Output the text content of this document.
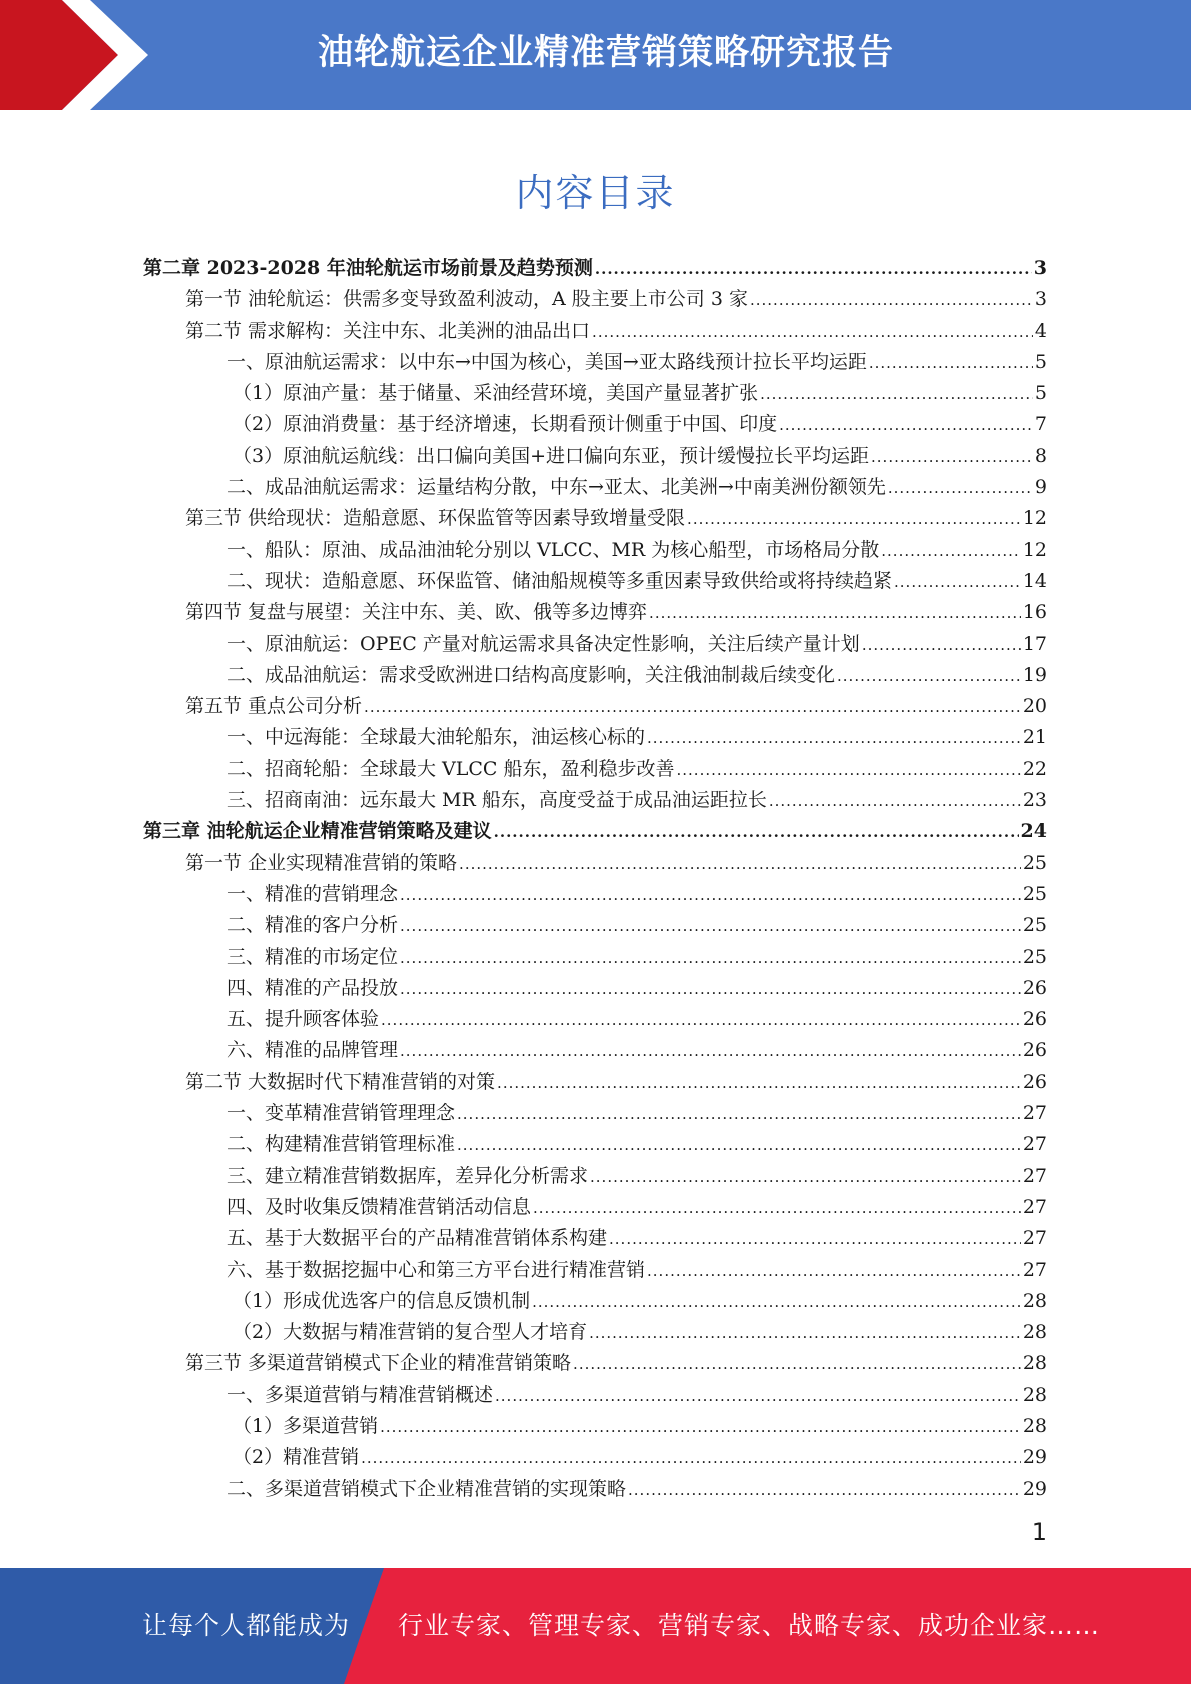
油轮航运企业精准营销策略研究报告
内容目录
第二章 2023-2028 年油轮航运市场前景及趋势预测 .....	3
第一节 油轮航运：供需多变导致盈利波动，A 股主要上市公司 3 家 .....	3
第二节 需求解构：关注中东、北美洲的油品出口 .....	4
一、原油航运需求：以中东→中国为核心，美国→亚太路线预计拉长平均运距 .....	5
（1）原油产量：基于储量、采油经营环境，美国产量显著扩张 .....	5
（2）原油消费量：基于经济增速，长期看预计侧重于中国、印度 .....	7
（3）原油航运航线：出口偏向美国+进口偏向东亚，预计缓慢拉长平均运距 .....	8
二、成品油航运需求：运量结构分散，中东→亚太、北美洲→中南美洲份额领先 .....	9
第三节 供给现状：造船意愿、环保监管等因素导致增量受限 .....	12
一、船队：原油、成品油油轮分别以 VLCC、MR 为核心船型，市场格局分散 .....	12
二、现状：造船意愿、环保监管、储油船规模等多重因素导致供给或将持续趋紧 .....	14
第四节 复盘与展望：关注中东、美、欧、俄等多边博弈 .....	16
一、原油航运：OPEC 产量对航运需求具备决定性影响，关注后续产量计划 .....	17
二、成品油航运：需求受欧洲进口结构高度影响，关注俄油制裁后续变化 .....	19
第五节 重点公司分析 .....	20
一、中远海能：全球最大油轮船东，油运核心标的 .....	21
二、招商轮船：全球最大 VLCC 船东，盈利稳步改善 .....	22
三、招商南油：远东最大 MR 船东，高度受益于成品油运距拉长 .....	23
第三章 油轮航运企业精准营销策略及建议 .....	24
第一节 企业实现精准营销的策略 .....	25
一、精准的营销理念 .....	25
二、精准的客户分析 .....	25
三、精准的市场定位 .....	25
四、精准的产品投放 .....	26
五、提升顾客体验 .....	26
六、精准的品牌管理 .....	26
第二节 大数据时代下精准营销的对策 .....	26
一、变革精准营销管理理念 .....	27
二、构建精准营销管理标准 .....	27
三、建立精准营销数据库，差异化分析需求 .....	27
四、及时收集反馈精准营销活动信息 .....	27
五、基于大数据平台的产品精准营销体系构建 .....	27
六、基于数据挖掘中心和第三方平台进行精准营销 .....	27
（1）形成优选客户的信息反馈机制 .....	28
（2）大数据与精准营销的复合型人才培育 .....	28
第三节 多渠道营销模式下企业的精准营销策略 .....	28
一、多渠道营销与精准营销概述 .....	28
（1）多渠道营销 .....	28
（2）精准营销 .....	29
二、多渠道营销模式下企业精准营销的实现策略 .....	29
1
让每个人都能成为 行业专家、管理专家、营销专家、战略专家、成功企业家……
